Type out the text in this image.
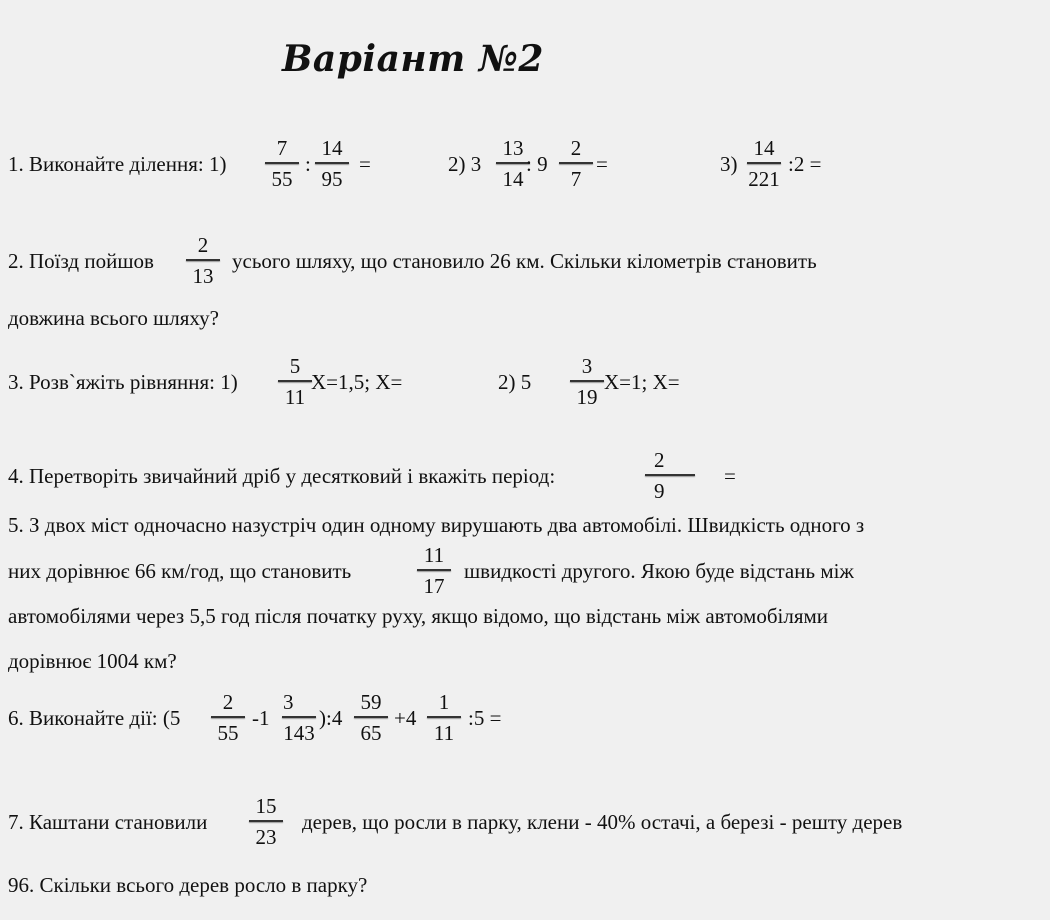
Варіант №2
1. Виконайте ділення: 1)
7
55
:
14
95
=	2) 3
13
14
: 9
2
7
=	3)
14
221
:2 =
2. Поїзд пойшов
2
13
усього шляху, що становило 26 км. Скільки кілометрів становить
довжина всього шляху?
3. Розв`яжіть рівняння: 1)
5
11
Х=1,5; Х=	2) 5
3
19
Х=1; Х=
4. Перетворіть звичайний дріб у десятковий і вкажіть період:
2
9
=
5. З двох міст одночасно назустріч один одному вирушають два автомобілі. Швидкість одного з
них дорівнює 66 км/год, що становить
11
17
швидкості другого. Якою буде відстань між
автомобілями через 5,5 год після початку руху, якщо відомо, що відстань між автомобілями
дорівнює 1004 км?
6. Виконайте дії: (5
2
55
-1
3
143
):4
59
65
+4
1
11
:5 =
7. Каштани становили
15
23
дерев, що росли в парку, клени - 40% остачі, а березі - решту дерев
96. Скільки всього дерев росло в парку?
